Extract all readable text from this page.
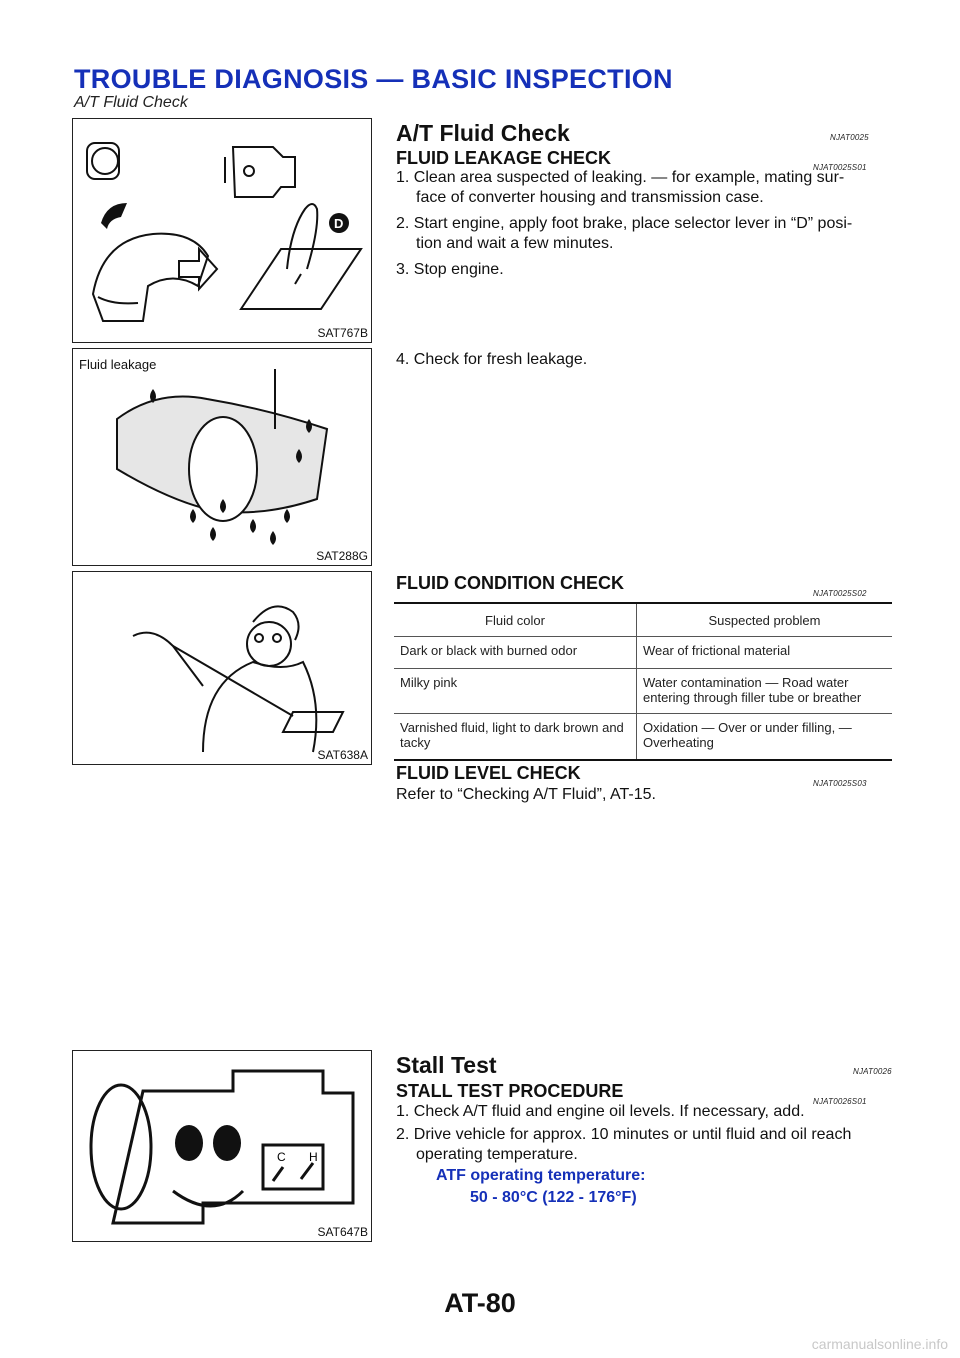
TROUBLE DIAGNOSIS — BASIC INSPECTION
A/T Fluid Check
D
SAT767B
Fluid leakage
SAT288G
SAT638A
C H
SAT647B
A/T Fluid Check	NJAT0025
FLUID LEAKAGE CHECK	NJAT0025S01
1. Clean area suspected of leaking. — for example, mating sur-
face of converter housing and transmission case.
2. Start engine, apply foot brake, place selector lever in “D” posi-
tion and wait a few minutes.
3. Stop engine.
4. Check for fresh leakage.
FLUID CONDITION CHECK
NJAT0025S02
Fluid color	Suspected problem
Dark or black with burned odor	Wear of frictional material
Milky pink	Water contamination — Road water entering through filler tube or breather
Varnished fluid, light to dark brown and tacky	Oxidation — Over or under filling, — Overheating
FLUID LEVEL CHECK
NJAT0025S03
Refer to “Checking A/T Fluid”, AT-15.
Stall Test	NJAT0026
STALL TEST PROCEDURE
NJAT0026S01
1. Check A/T fluid and engine oil levels. If necessary, add.
2. Drive vehicle for approx. 10 minutes or until fluid and oil reach
operating temperature.
ATF operating temperature:
50 - 80°C (122 - 176°F)
AT-80
carmanualsonline.info
